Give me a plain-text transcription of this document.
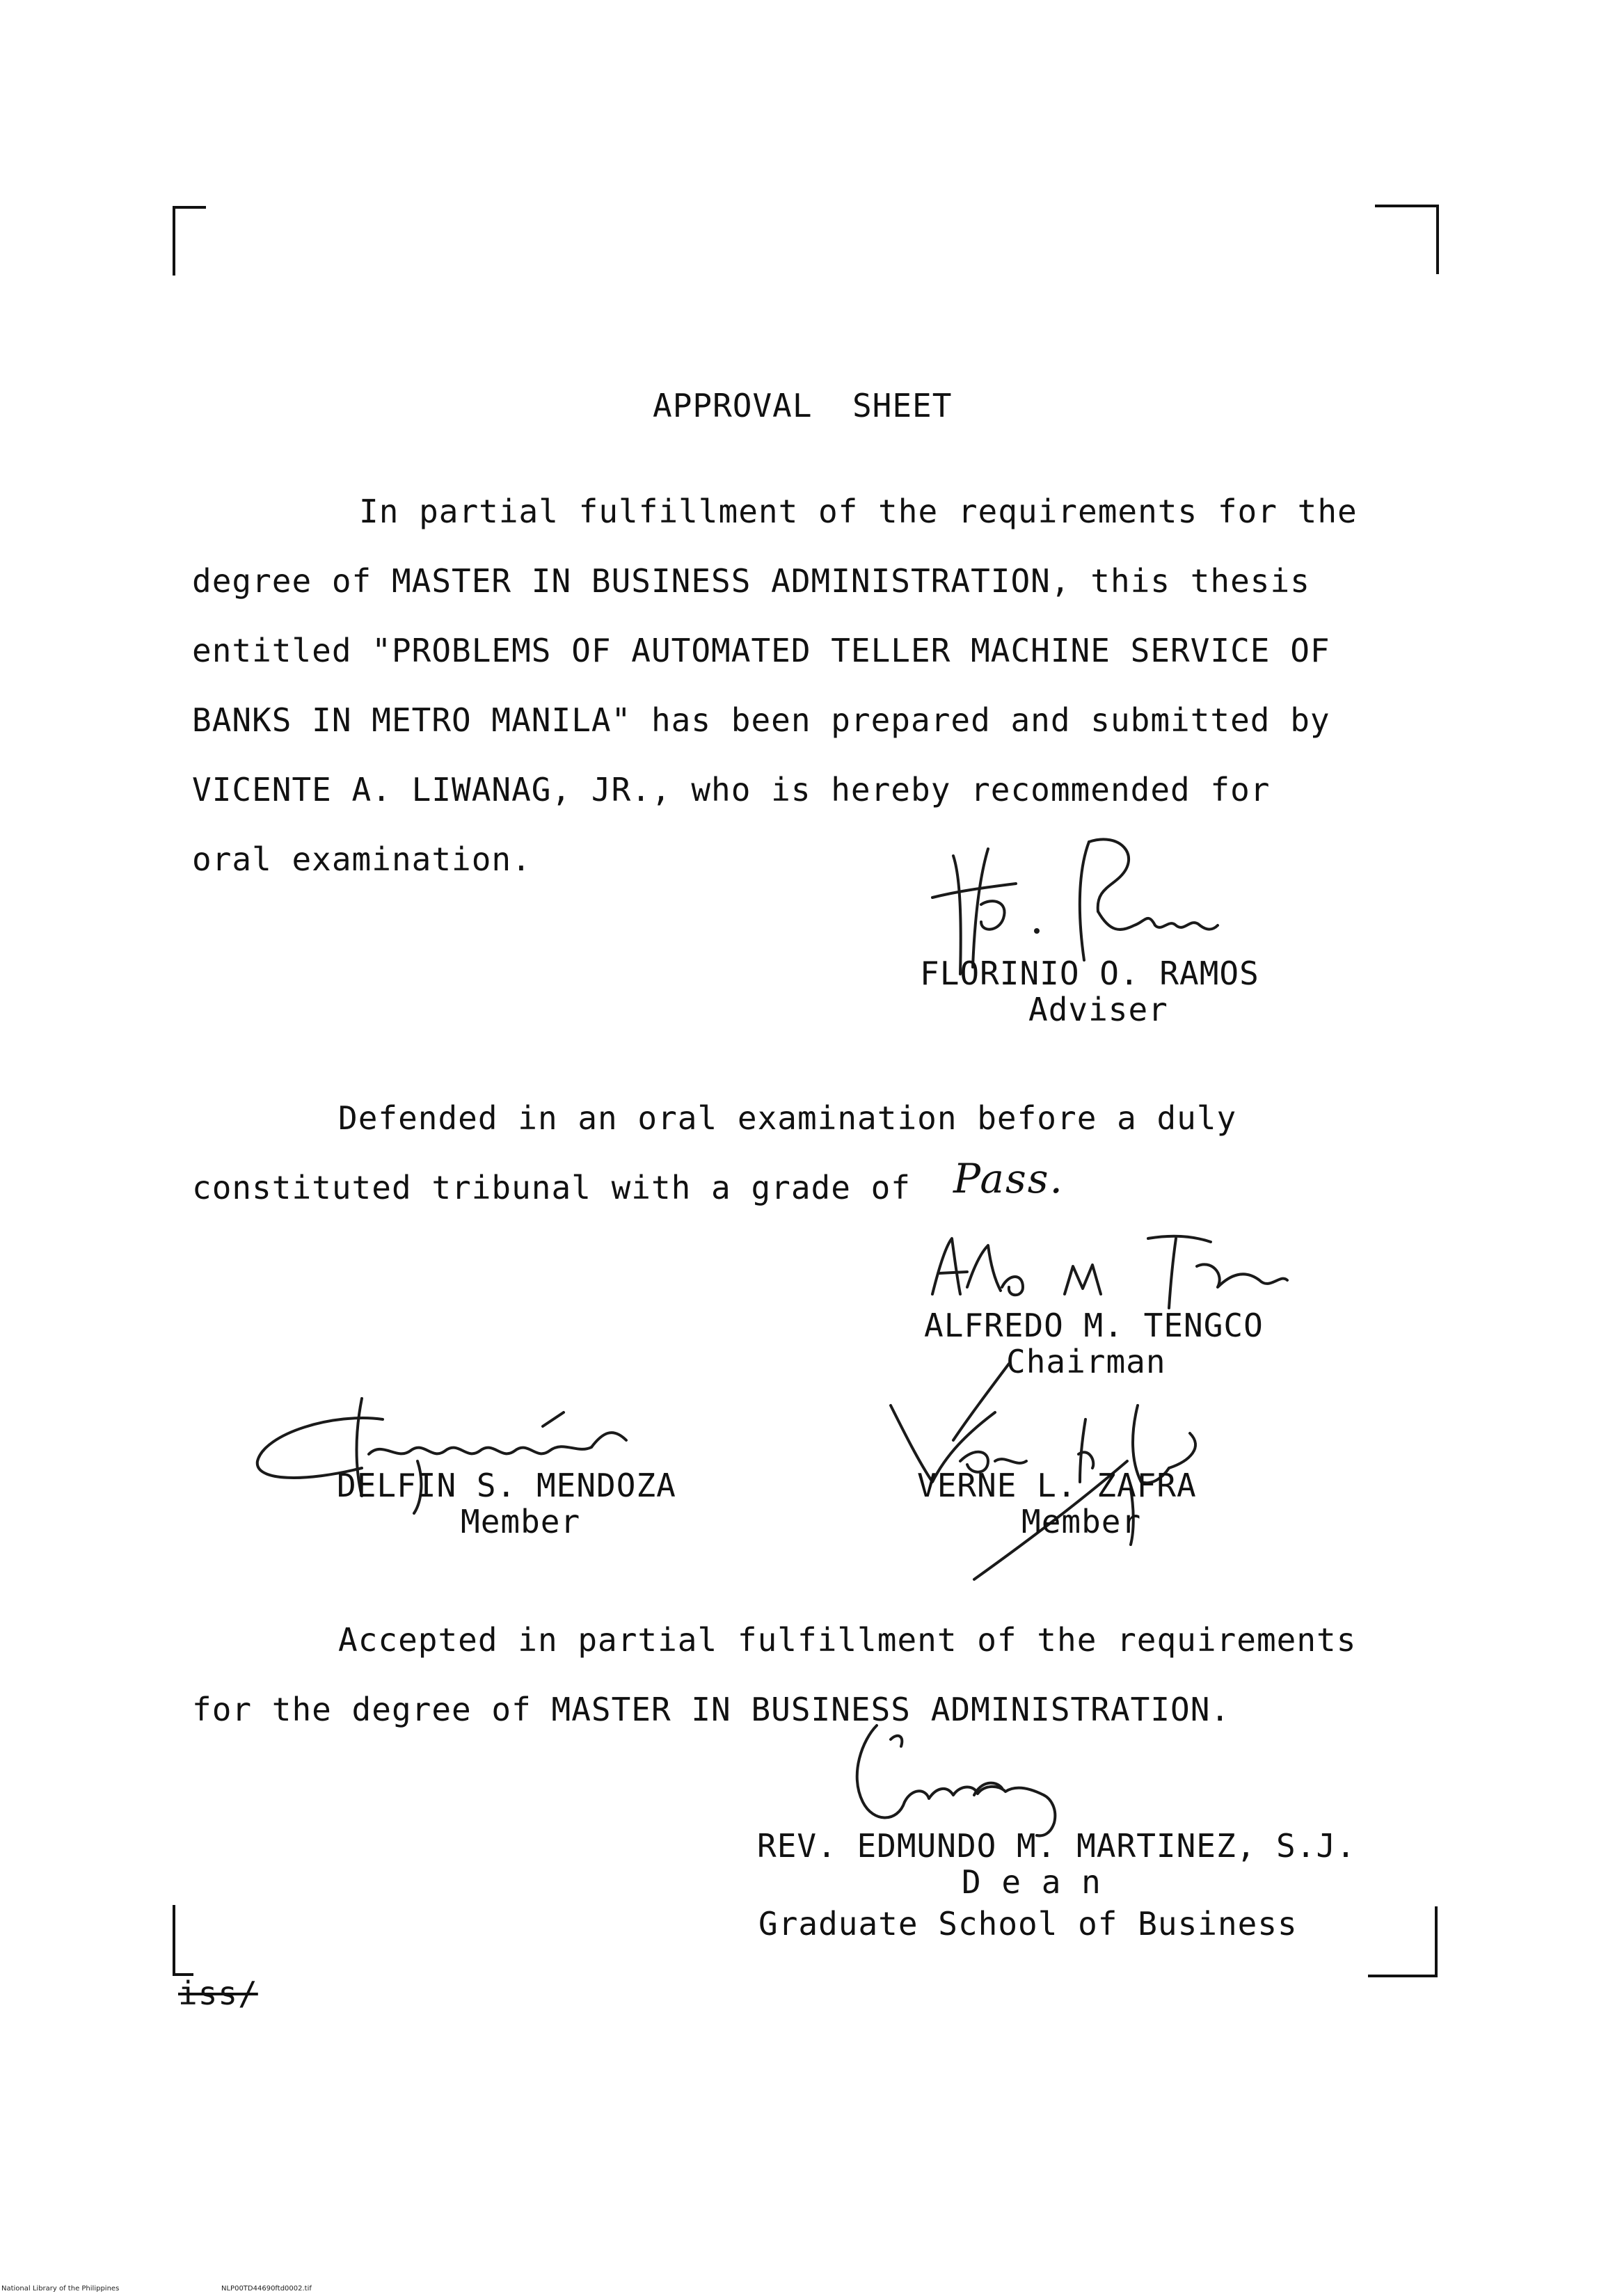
APPROVAL  SHEET
In partial fulfillment of the requirements for the
degree of MASTER IN BUSINESS ADMINISTRATION, this thesis
entitled "PROBLEMS OF AUTOMATED TELLER MACHINE SERVICE OF
BANKS IN METRO MANILA" has been prepared and submitted by
VICENTE A. LIWANAG, JR., who is hereby recommended for
oral examination.
FLORINIO O. RAMOS
Adviser
Defended in an oral examination before a duly
constituted tribunal with a grade of Pass.
ALFREDO M. TENGCO
Chairman
DELFIN S. MENDOZA
Member
VERNE L. ZAFRA
Member
Accepted in partial fulfillment of the requirements
for the degree of MASTER IN BUSINESS ADMINISTRATION.
REV. EDMUNDO M. MARTINEZ, S.J.
D e a n
Graduate School of Business
iss/
National Library of the Philippines	NLP00TD44690ftd0002.tif
